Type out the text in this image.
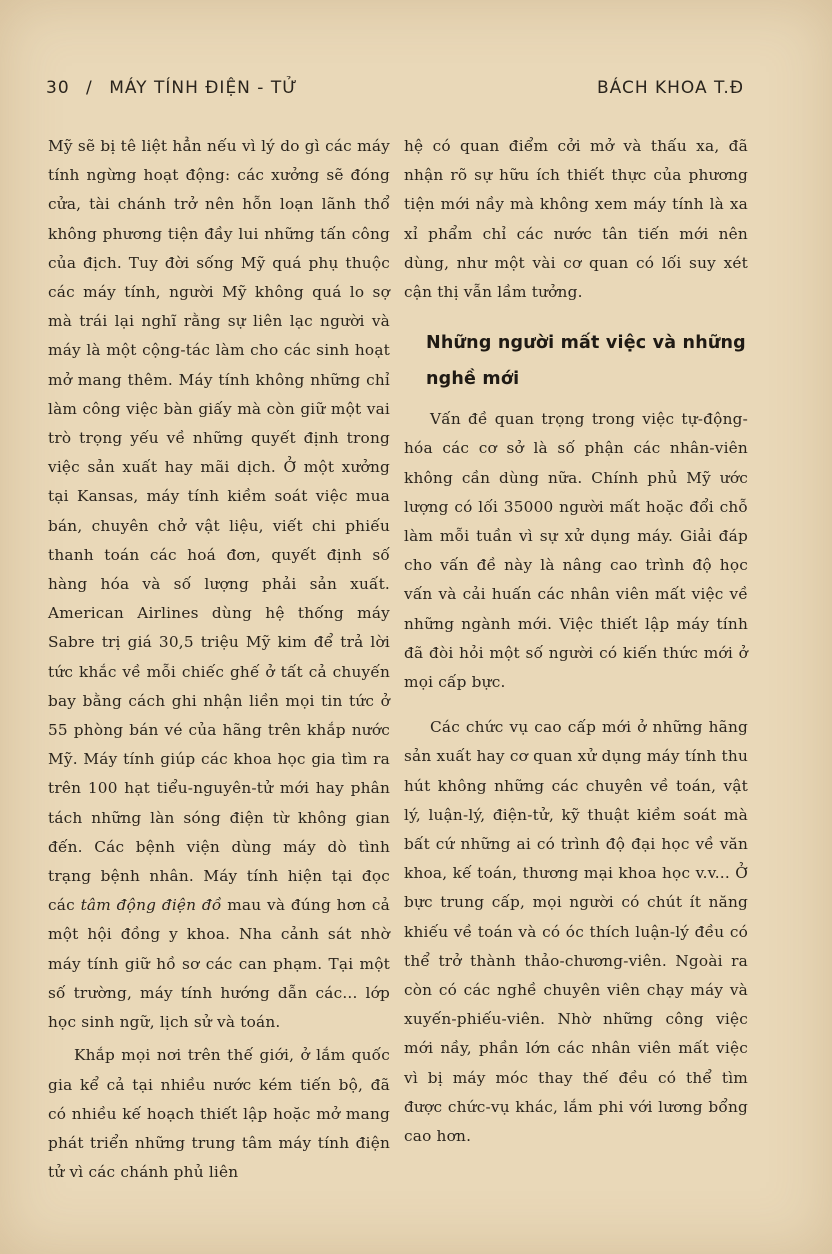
30 / MÁY TÍNH ĐIỆN - TỬ	BÁCH KHOA T.Đ

Mỹ sẽ bị tê liệt hẳn nếu vì lý do gì các máy tính ngừng hoạt động: các xưởng sẽ đóng cửa, tài chánh trở nên hỗn loạn lãnh thổ không phương tiện đầy lui những tấn công của địch. Tuy đời sống Mỹ quá phụ thuộc các máy tính, người Mỹ không quá lo sợ mà trái lại nghĩ rằng sự liên lạc người và máy là một cộng-tác làm cho các sinh hoạt mở mang thêm. Máy tính không những chỉ làm công việc bàn giấy mà còn giữ một vai trò trọng yếu về những quyết định trong việc sản xuất hay mãi dịch. Ở một xưởng tại Kansas, máy tính kiềm soát việc mua bán, chuyên chở vật liệu, viết chi phiếu thanh toán các hoá đơn, quyết định số hàng hóa và số lượng phải sản xuất. American Airlines dùng hệ thống máy Sabre trị giá 30,5 triệu Mỹ kim để trả lời tức khắc về mỗi chiếc ghế ở tất cả chuyến bay bằng cách ghi nhận liền mọi tin tức ở 55 phòng bán vé của hãng trên khắp nước Mỹ. Máy tính giúp các khoa học gia tìm ra trên 100 hạt tiểu-nguyên-tử mới hay phân tách những làn sóng điện từ không gian đến. Các bệnh viện dùng máy dò tình trạng bệnh nhân. Máy tính hiện tại đọc các tâm động điện đồ mau và đúng hơn cả một hội đồng y khoa. Nha cảnh sát nhờ máy tính giữ hồ sơ các can phạm. Tại một số trường, máy tính hướng dẫn các... lớp học sinh ngữ, lịch sử và toán.

Khắp mọi nơi trên thế giới, ở lắm quốc gia kể cả tại nhiều nước kém tiến bộ, đã có nhiều kế hoạch thiết lập hoặc mở mang phát triển những trung tâm máy tính điện tử vì các chánh phủ liên

hệ có quan điểm cởi mở và thấu xa, đã nhận rõ sự hữu ích thiết thực của phương tiện mới nầy mà không xem máy tính là xa xỉ phẩm chỉ các nước tân tiến mới nên dùng, như một vài cơ quan có lối suy xét cận thị vẫn lầm tưởng.

Những người mất việc và những nghề mới

Vấn đề quan trọng trong việc tự-động-hóa các cơ sở là số phận các nhân-viên không cần dùng nữa. Chính phủ Mỹ ước lượng có lối 35000 người mất hoặc đổi chỗ làm mỗi tuần vì sự xử dụng máy. Giải đáp cho vấn đề này là nâng cao trình độ học vấn và cải huấn các nhân viên mất việc về những ngành mới. Việc thiết lập máy tính đã đòi hỏi một số người có kiến thức mới ở mọi cấp bực.

Các chức vụ cao cấp mới ở những hãng sản xuất hay cơ quan xử dụng máy tính thu hút không những các chuyên về toán, vật lý, luận-lý, điện-tử, kỹ thuật kiềm soát mà bất cứ những ai có trình độ đại học về văn khoa, kế toán, thương mại khoa học v.v... Ở bực trung cấp, mọi người có chút ít năng khiếu về toán và có óc thích luận-lý đều có thể trở thành thảo-chương-viên. Ngoài ra còn có các nghề chuyên viên chạy máy và xuyến-phiếu-viên. Nhờ những công việc mới nầy, phần lớn các nhân viên mất việc vì bị máy móc thay thế đều có thể tìm được chức-vụ khác, lắm phi với lương bổng cao hơn.
